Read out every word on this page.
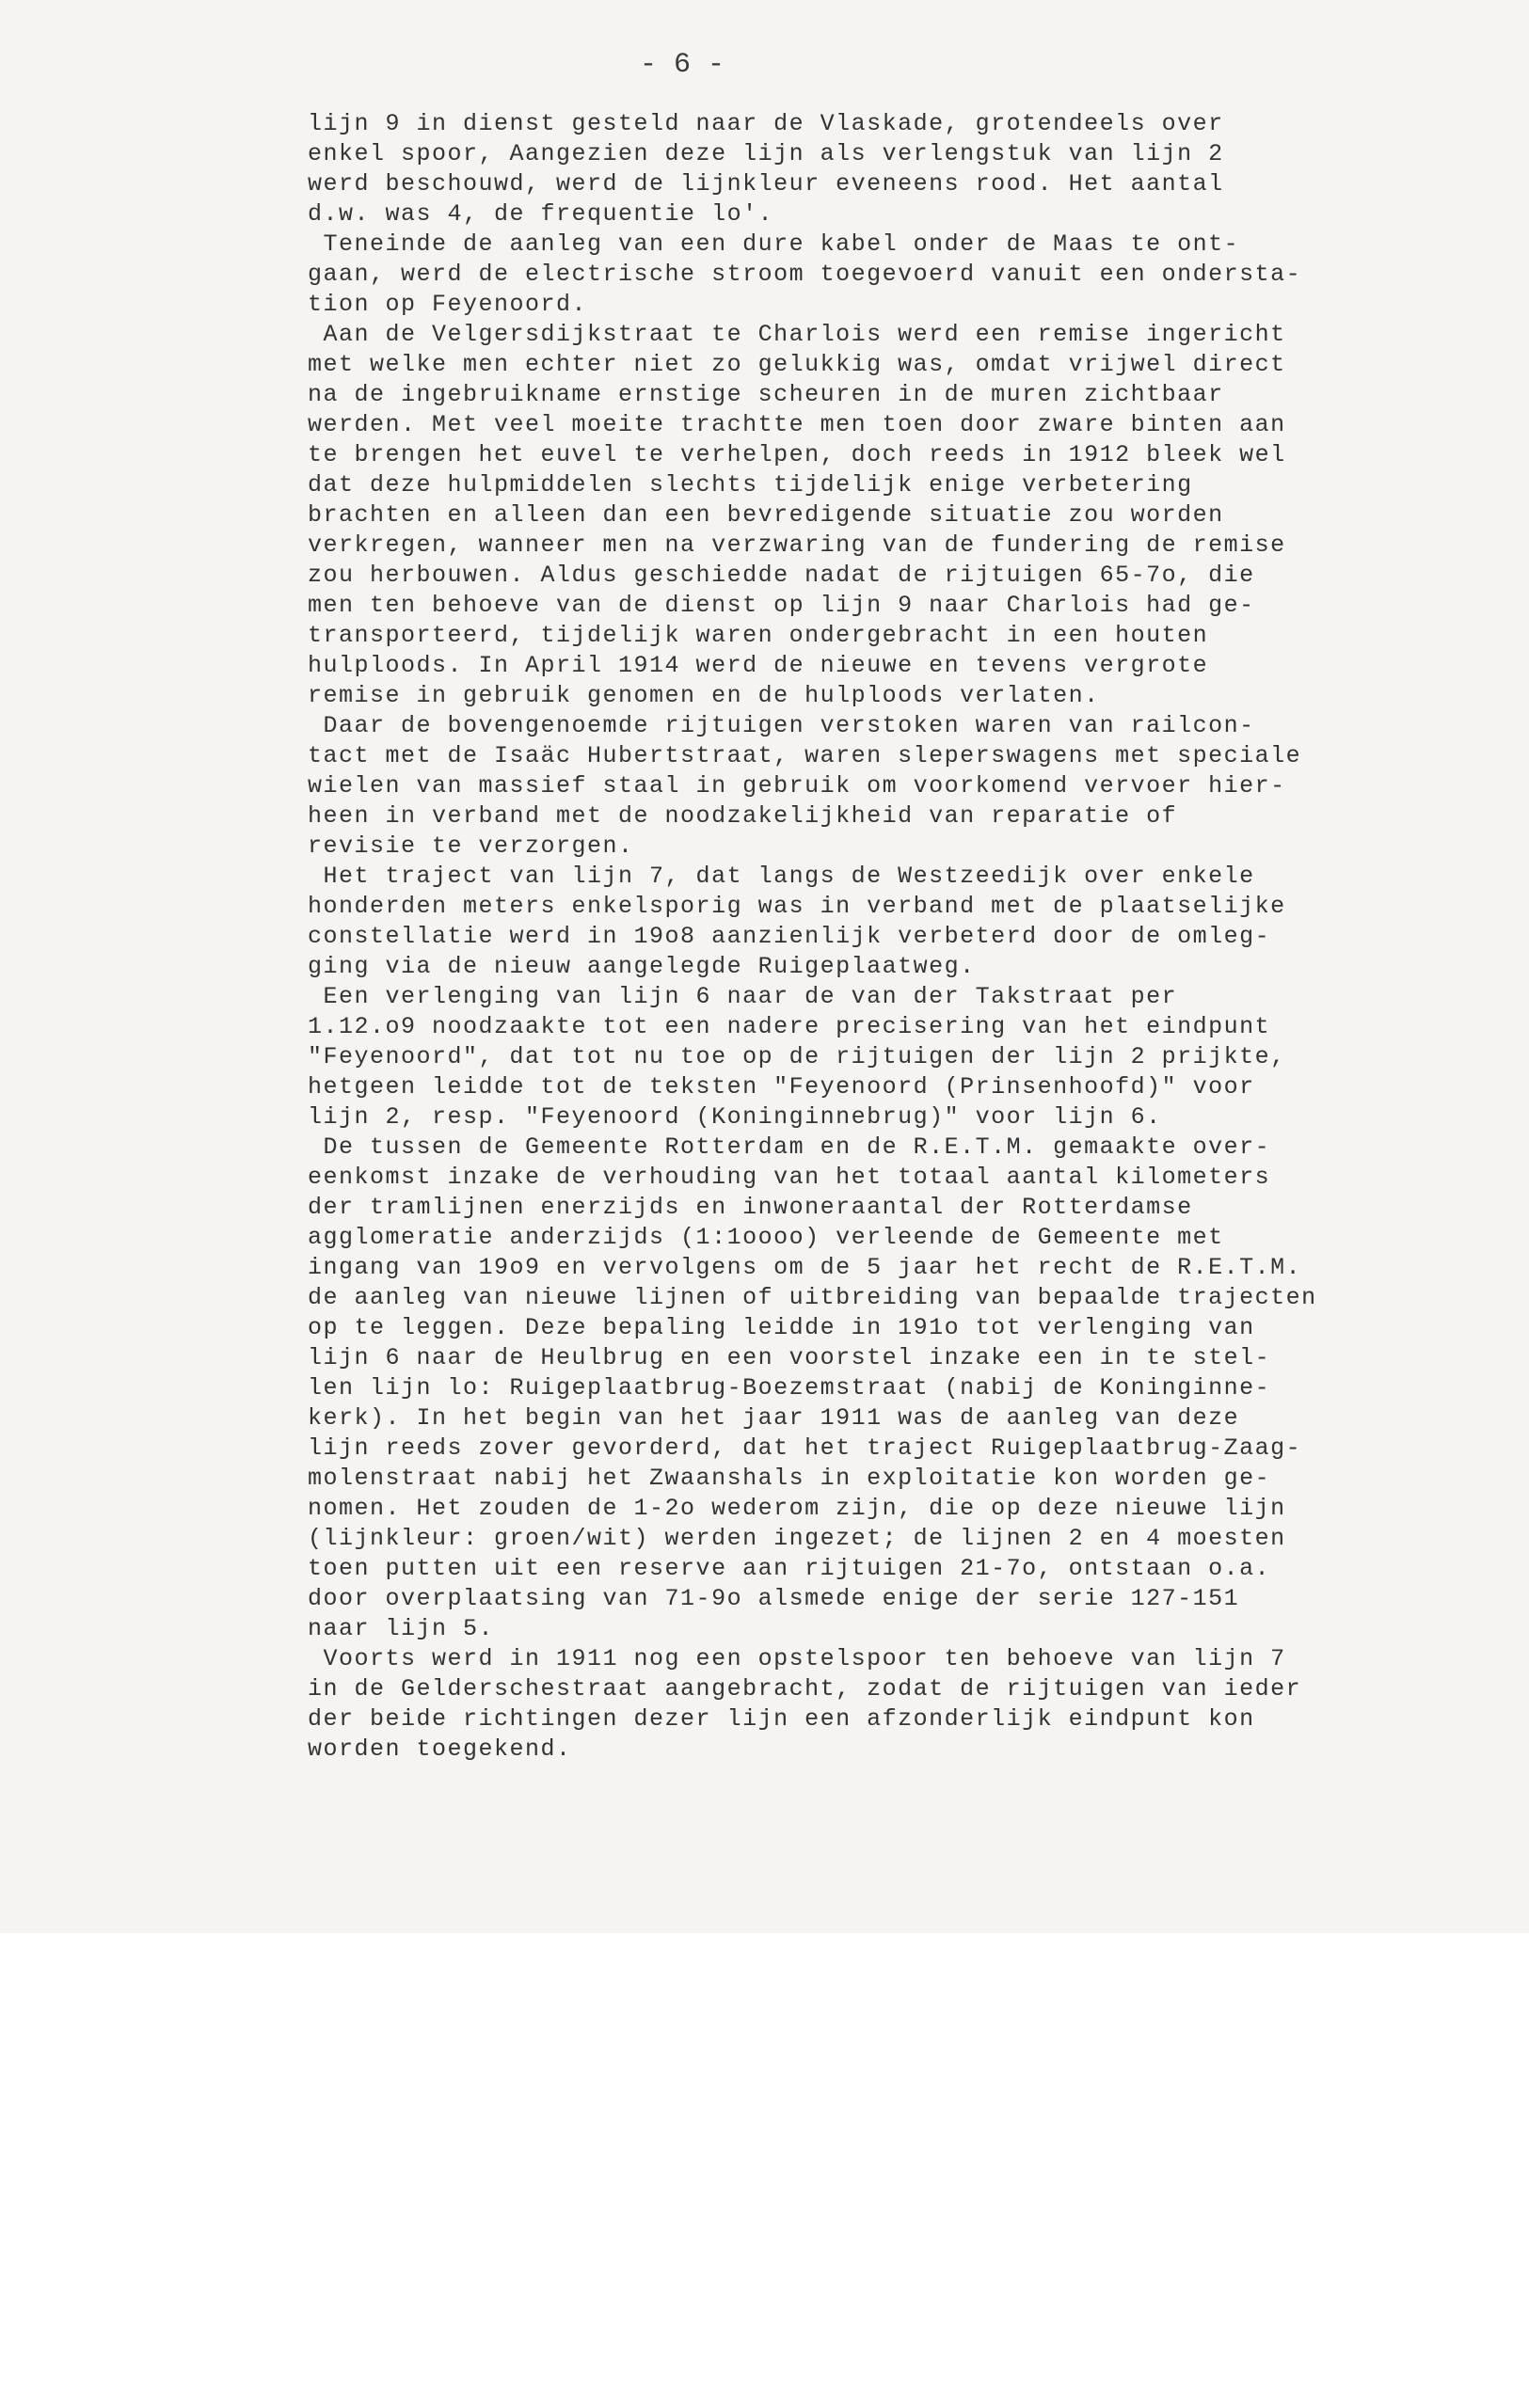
- 6 -
lijn 9 in dienst gesteld naar de Vlaskade, grotendeels over
enkel spoor, Aangezien deze lijn als verlengstuk van lijn 2
werd beschouwd, werd de lijnkleur eveneens rood. Het aantal
d.w. was 4, de frequentie lo'.
Teneinde de aanleg van een dure kabel onder de Maas te ont-
gaan, werd de electrische stroom toegevoerd vanuit een ondersta-
tion op Feyenoord.
Aan de Velgersdijkstraat te Charlois werd een remise ingericht
met welke men echter niet zo gelukkig was, omdat vrijwel direct
na de ingebruikname ernstige scheuren in de muren zichtbaar
werden. Met veel moeite trachtte men toen door zware binten aan
te brengen het euvel te verhelpen, doch reeds in 1912 bleek wel
dat deze hulpmiddelen slechts tijdelijk enige verbetering
brachten en alleen dan een bevredigende situatie zou worden
verkregen, wanneer men na verzwaring van de fundering de remise
zou herbouwen. Aldus geschiedde nadat de rijtuigen 65-7o, die
men ten behoeve van de dienst op lijn 9 naar Charlois had ge-
transporteerd, tijdelijk waren ondergebracht in een houten
hulploods. In April 1914 werd de nieuwe en tevens vergrote
remise in gebruik genomen en de hulploods verlaten.
Daar de bovengenoemde rijtuigen verstoken waren van railcon-
tact met de Isaäc Hubertstraat, waren sleperswagens met speciale
wielen van massief staal in gebruik om voorkomend vervoer hier-
heen in verband met de noodzakelijkheid van reparatie of
revisie te verzorgen.
Het traject van lijn 7, dat langs de Westzeedijk over enkele
honderden meters enkelsporig was in verband met de plaatselijke
constellatie werd in 19o8 aanzienlijk verbeterd door de omleg-
ging via de nieuw aangelegde Ruigeplaatweg.
Een verlenging van lijn 6 naar de van der Takstraat per
1.12.o9 noodzaakte tot een nadere precisering van het eindpunt
"Feyenoord", dat tot nu toe op de rijtuigen der lijn 2 prijkte,
hetgeen leidde tot de teksten "Feyenoord (Prinsenhoofd)" voor
lijn 2, resp. "Feyenoord (Koninginnebrug)" voor lijn 6.
De tussen de Gemeente Rotterdam en de R.E.T.M. gemaakte over-
eenkomst inzake de verhouding van het totaal aantal kilometers
der tramlijnen enerzijds en inwoneraantal der Rotterdamse
agglomeratie anderzijds (1:1oooo) verleende de Gemeente met
ingang van 19o9 en vervolgens om de 5 jaar het recht de R.E.T.M.
de aanleg van nieuwe lijnen of uitbreiding van bepaalde trajecten
op te leggen. Deze bepaling leidde in 191o tot verlenging van
lijn 6 naar de Heulbrug en een voorstel inzake een in te stel-
len lijn lo: Ruigeplaatbrug-Boezemstraat (nabij de Koninginne-
kerk). In het begin van het jaar 1911 was de aanleg van deze
lijn reeds zover gevorderd, dat het traject Ruigeplaatbrug-Zaag-
molenstraat nabij het Zwaanshals in exploitatie kon worden ge-
nomen. Het zouden de 1-2o wederom zijn, die op deze nieuwe lijn
(lijnkleur: groen/wit) werden ingezet; de lijnen 2 en 4 moesten
toen putten uit een reserve aan rijtuigen 21-7o, ontstaan o.a.
door overplaatsing van 71-9o alsmede enige der serie 127-151
naar lijn 5.
Voorts werd in 1911 nog een opstelspoor ten behoeve van lijn 7
in de Gelderschestraat aangebracht, zodat de rijtuigen van ieder
der beide richtingen dezer lijn een afzonderlijk eindpunt kon
worden toegekend.
